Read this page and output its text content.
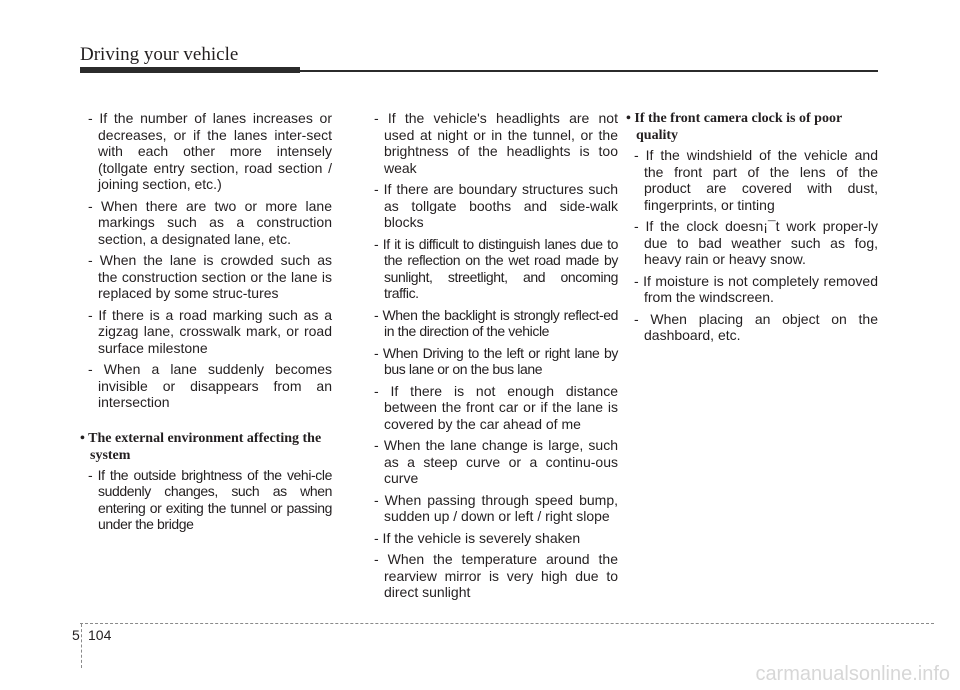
Driving your vehicle

- If the number of lanes increases or decreases, or if the lanes inter-sect with each other more intensely (tollgate entry section, road section / joining section, etc.)

- When there are two or more lane markings such as a construction section, a designated lane, etc.

- When the lane is crowded such as the construction section or the lane is replaced by some struc-tures

- If there is a road marking such as a zigzag lane, crosswalk mark, or road surface milestone

- When a lane suddenly becomes invisible or disappears from an intersection

• The external environment affecting the system

- If the outside brightness of the vehi-cle suddenly changes, such as when entering or exiting the tunnel or passing under the bridge

- If the vehicle's headlights are not used at night or in the tunnel, or the brightness of the headlights is too weak

- If there are boundary structures such as tollgate booths and side-walk blocks

- If it is difficult to distinguish lanes due to the reflection on the wet road made by sunlight, streetlight, and oncoming traffic.

- When the backlight is strongly reflect-ed in the direction of the vehicle

- When Driving to the left or right lane by bus lane or on the bus lane

- If there is not enough distance between the front car or if the lane is covered by the car ahead of me

- When the lane change is large, such as a steep curve or a continu-ous curve

- When passing through speed bump, sudden up / down or left / right slope

- If the vehicle is severely shaken

- When the temperature around the rearview mirror is very high due to direct sunlight

• If the front camera clock is of poor quality

- If the windshield of the vehicle and the front part of the lens of the product are covered with dust, fingerprints, or tinting

- If the clock doesn¡¯t work proper-ly due to bad weather such as fog, heavy rain or heavy snow.

- If moisture is not completely removed from the windscreen.

- When placing an object on the dashboard, etc.

5 104
carmanualsonline.info
